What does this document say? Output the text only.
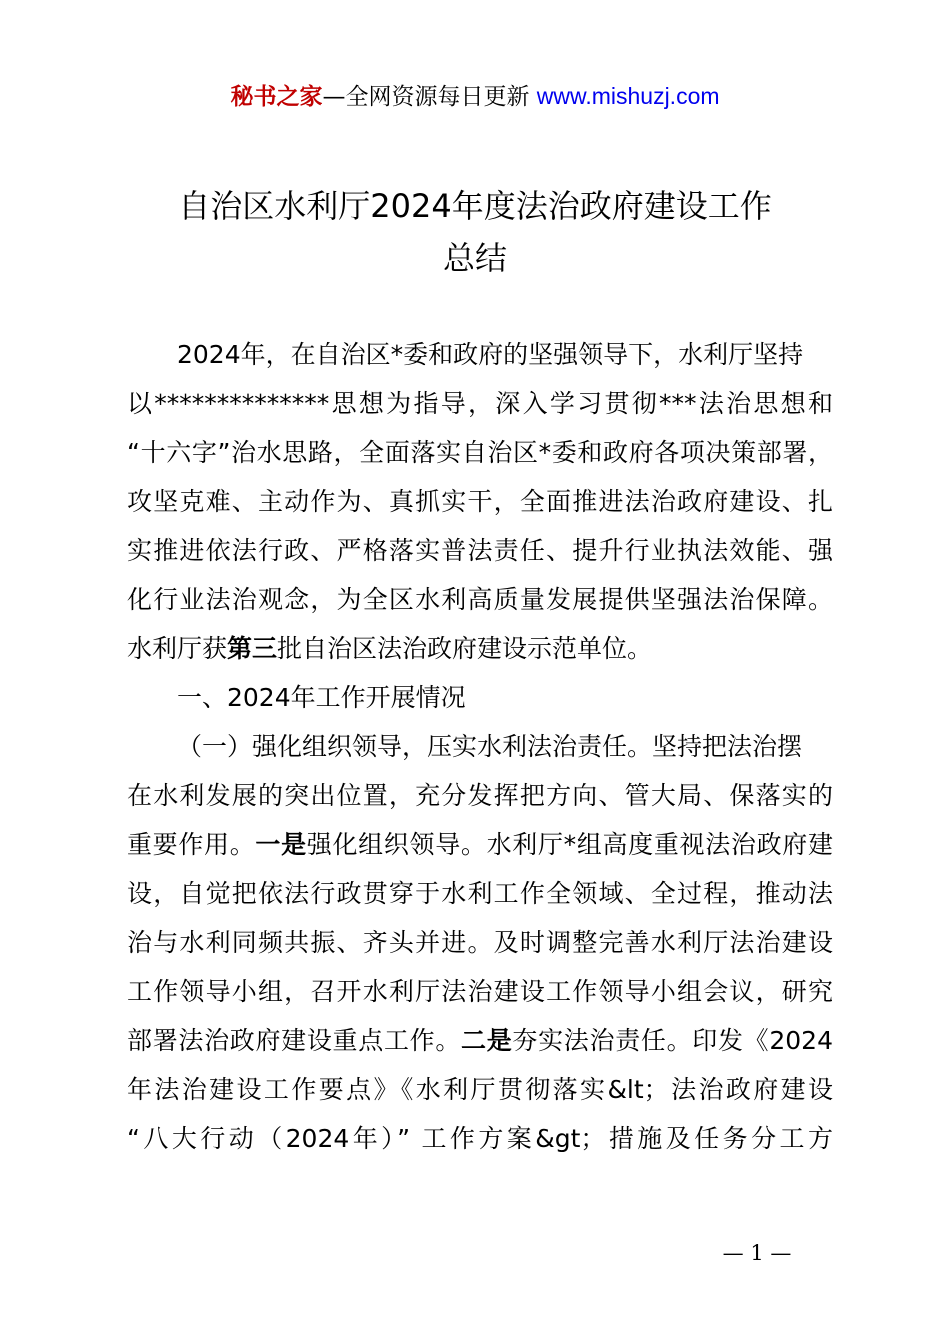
秘书之家—全网资源每日更新 www.mishuzj.com
自治区水利厅2024年度法治政府建设工作
总结
2024年，在自治区*委和政府的坚强领导下，水利厅坚持
以**************思想为指导，深入学习贯彻***法治思想和
“十六字”治水思路，全面落实自治区*委和政府各项决策部署，
攻坚克难、主动作为、真抓实干，全面推进法治政府建设、扎
实推进依法行政、严格落实普法责任、提升行业执法效能、强
化行业法治观念，为全区水利高质量发展提供坚强法治保障。
水利厅获第三批自治区法治政府建设示范单位。
一、2024年工作开展情况
（一）强化组织领导，压实水利法治责任。坚持把法治摆
在水利发展的突出位置，充分发挥把方向、管大局、保落实的
重要作用。一是强化组织领导。水利厅*组高度重视法治政府建
设，自觉把依法行政贯穿于水利工作全领域、全过程，推动法
治与水利同频共振、齐头并进。及时调整完善水利厅法治建设
工作领导小组，召开水利厅法治建设工作领导小组会议，研究
部署法治政府建设重点工作。二是夯实法治责任。印发《2024
年法治建设工作要点》《水利厅贯彻落实&lt；法治政府建设
“八大行动（2024年）” 工作方案&gt；措施及任务分工方
— 1 —
